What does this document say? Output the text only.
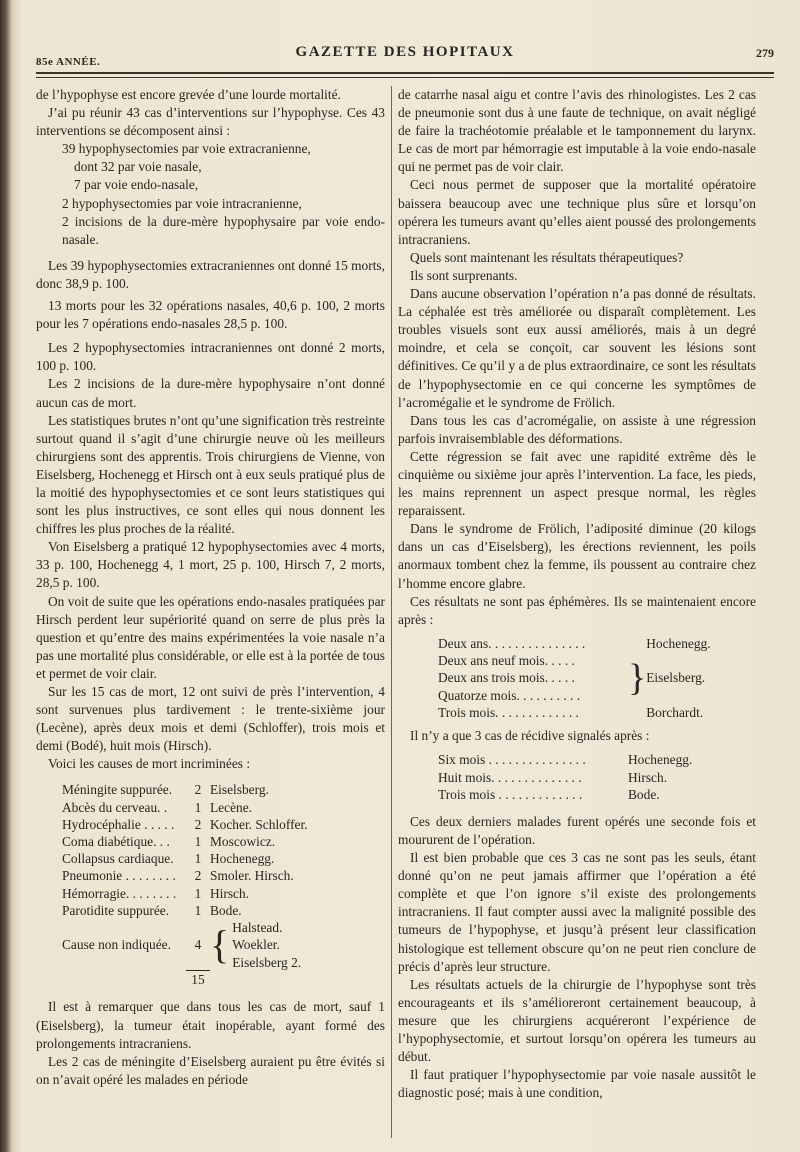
85e ANNÉE.
GAZETTE DES HOPITAUX	279

de l’hypophyse est encore grevée d’une lourde mortalité.

J’ai pu réunir 43 cas d’interventions sur l’hypophyse. Ces 43 interventions se décomposent ainsi :

39 hypophysectomies par voie extracranienne,

dont 32 par voie nasale,

7 par voie endo-nasale,

2 hypophysectomies par voie intracranienne,

2 incisions de la dure-mère hypophysaire par voie endo-nasale.

Les 39 hypophysectomies extracraniennes ont donné 15 morts, donc 38,9 p. 100.

13 morts pour les 32 opérations nasales, 40,6 p. 100, 2 morts pour les 7 opérations endo-nasales 28,5 p. 100.

Les 2 hypophysectomies intracraniennes ont donné 2 morts, 100 p. 100.

Les 2 incisions de la dure-mère hypophysaire n’ont donné aucun cas de mort.

Les statistiques brutes n’ont qu’une signification très restreinte surtout quand il s’agit d’une chirurgie neuve où les meilleurs chirurgiens sont des apprentis. Trois chirurgiens de Vienne, von Eiselsberg, Hochenegg et Hirsch ont à eux seuls pratiqué plus de la moitié des hypophysectomies et ce sont leurs statistiques qui sont les plus instructives, ce sont elles qui nous donnent les chiffres les plus proches de la réalité.

Von Eiselsberg a pratiqué 12 hypophysectomies avec 4 morts, 33 p. 100, Hochenegg 4, 1 mort, 25 p. 100, Hirsch 7, 2 morts, 28,5 p. 100.

On voit de suite que les opérations endo-nasales pratiquées par Hirsch perdent leur supériorité quand on serre de plus près la question et qu’entre des mains expérimentées la voie nasale n’a pas une mortalité plus considérable, or elle est à la portée de tous et permet de voir clair.

Sur les 15 cas de mort, 12 ont suivi de près l’intervention, 4 sont survenues plus tardivement : le trente-sixième jour (Lecène), après deux mois et demi (Schloffer), trois mois et demi (Bodé), huit mois (Hirsch).

Voici les causes de mort incriminées :

Méningite suppurée.	2	Eiselsberg.
Abcès du cerveau. .	1	Lecène.
Hydrocéphalie . . . . .	2	Kocher. Schloffer.
Coma diabétique. . .	1	Moscowicz.
Collapsus cardiaque.	1	Hochenegg.
Pneumonie . . . . . . . .	2	Smoler. Hirsch.
Hémorragie. . . . . . . .	1	Hirsch.
Parotidite suppurée.	1	Bode.
Cause non indiquée.	4	{ Halstead.
Woekler.
Eiselsberg 2.

	15	

Il est à remarquer que dans tous les cas de mort, sauf 1 (Eiselsberg), la tumeur était inopérable, ayant formé des prolongements intracraniens.

Les 2 cas de méningite d’Eiselsberg auraient pu être évités si on n’avait opéré les malades en période

de catarrhe nasal aigu et contre l’avis des rhinologistes. Les 2 cas de pneumonie sont dus à une faute de technique, on avait négligé de faire la trachéotomie préalable et le tamponnement du larynx. Le cas de mort par hémorragie est imputable à la voie endo-nasale qui ne permet pas de voir clair.

Ceci nous permet de supposer que la mortalité opératoire baissera beaucoup avec une technique plus sûre et lorsqu’on opérera les tumeurs avant qu’elles aient poussé des prolongements intracraniens.

Quels sont maintenant les résultats thérapeutiques?

Ils sont surprenants.

Dans aucune observation l’opération n’a pas donné de résultats. La céphalée est très améliorée ou disparaît complètement. Les troubles visuels sont eux aussi améliorés, mais à un degré moindre, et cela se conçoit, car souvent les lésions sont définitives. Ce qu’il y a de plus extraordinaire, ce sont les résultats de l’hypophysectomie en ce qui concerne les symptômes de l’acromégalie et le syndrome de Frölich.

Dans tous les cas d’acromégalie, on assiste à une régression parfois invraisemblable des déformations.

Cette régression se fait avec une rapidité extrême dès le cinquième ou sixième jour après l’intervention. La face, les pieds, les mains reprennent un aspect presque normal, les règles reparaissent.

Dans le syndrome de Frölich, l’adiposité diminue (20 kilogs dans un cas d’Eiselsberg), les érections reviennent, les poils anormaux tombent chez la femme, ils poussent au contraire chez l’homme encore glabre.

Ces résultats ne sont pas éphémères. Ils se maintenaient encore après :

Deux ans. . . . . . . . . . . . . . .		Hochenegg.
Deux ans neuf mois. . . . .	}	Eiselsberg.
Deux ans trois mois. . . . .		
Quatorze mois. . . . . . . . . .		
Trois mois. . . . . . . . . . . . .		Borchardt.

Il n’y a que 3 cas de récidive signalés après :

Six mois . . . . . . . . . . . . . . .	Hochenegg.
Huit mois. . . . . . . . . . . . . .	Hirsch.
Trois mois . . . . . . . . . . . . .	Bode.

Ces deux derniers malades furent opérés une seconde fois et moururent de l’opération.

Il est bien probable que ces 3 cas ne sont pas les seuls, étant donné qu’on ne peut jamais affirmer que l’opération a été complète et que l’on ignore s’il existe des prolongements intracraniens. Il faut compter aussi avec la malignité possible des tumeurs de l’hypophyse, et jusqu’à présent leur classification histologique est tellement obscure qu’on ne peut rien conclure de précis d’après leur structure.

Les résultats actuels de la chirurgie de l’hypophyse sont très encourageants et ils s’amélioreront certainement beaucoup, à mesure que les chirurgiens acquéreront l’expérience de l’hypophysectomie, et surtout lorsqu’on opérera les tumeurs au début.

Il faut pratiquer l’hypophysectomie par voie nasale aussitôt le diagnostic posé; mais à une condition,
